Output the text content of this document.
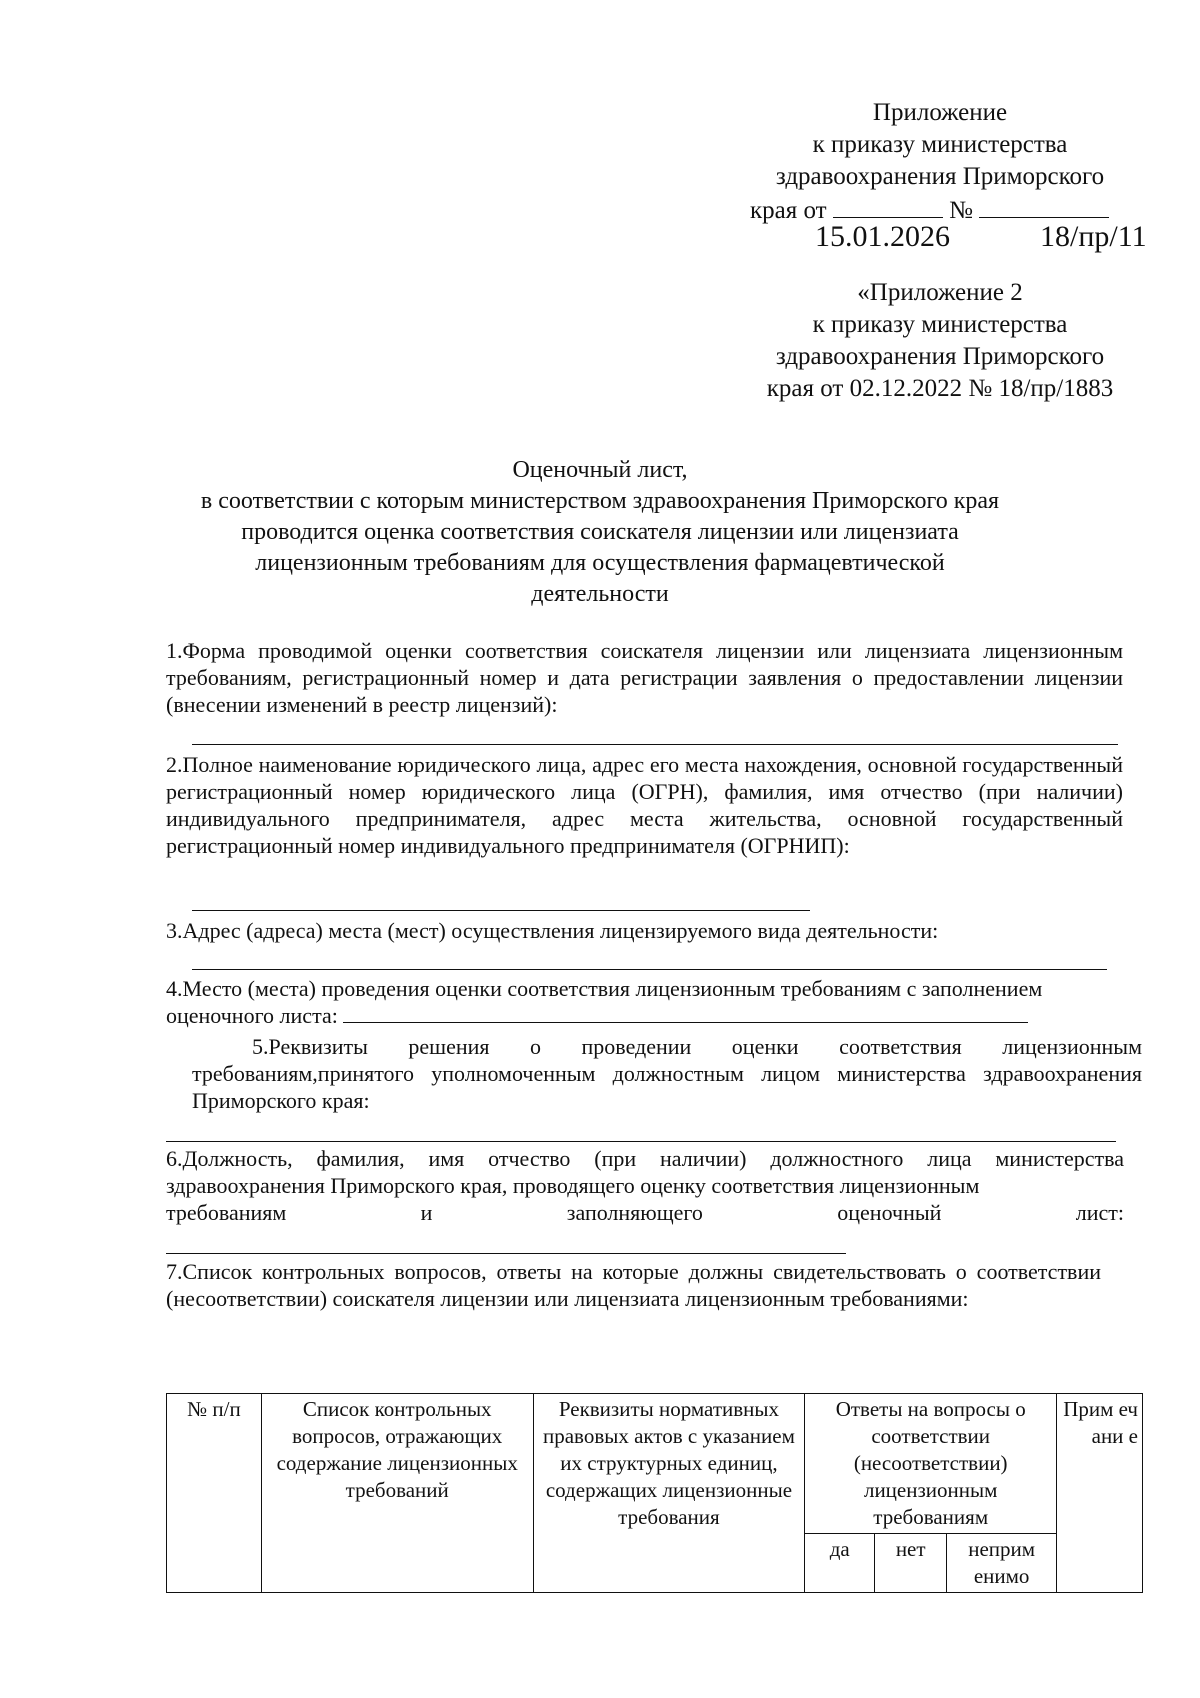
Приложение
к приказу министерства
здравоохранения Приморского
края от	№
15.01.2026	18/пр/11
«Приложение 2
к приказу министерства
здравоохранения Приморского
края от 02.12.2022 № 18/пр/1883
Оценочный лист,
в соответствии с которым министерством здравоохранения Приморского края
проводится оценка соответствия соискателя лицензии или лицензиата
лицензионным требованиям для осуществления фармацевтической
деятельности
1.Форма проводимой оценки соответствия соискателя лицензии или лицензиата лицензионным требованиям, регистрационный номер и дата регистрации заявления о предоставлении лицензии (внесении изменений в реестр лицензий):
2.Полное наименование юридического лица, адрес его места нахождения, основной государственный регистрационный номер юридического лица (ОГРН), фамилия, имя отчество (при наличии) индивидуального предпринимателя, адрес места жительства, основной государственный регистрационный номер индивидуального предпринимателя (ОГРНИП):
3.Адрес (адреса) места (мест) осуществления лицензируемого вида деятельности:
4.Место (места) проведения оценки соответствия лицензионным требованиям с заполнением
оценочного листа:
5.Реквизиты решения о проведении оценки соответствия лицензионным требованиям,принятого уполномоченным должностным лицом министерства здравоохранения Приморского края:
6.Должность, фамилия, имя отчество (при наличии) должностного лица министерства здравоохранения Приморского края, проводящего оценку соответствия лицензионным
требованиям и заполняющего оценочный лист:
7.Список контрольных вопросов, ответы на которые должны свидетельствовать о соответствии (несоответствии) соискателя лицензии или лицензиата лицензионным требованиями:
№ п/п	Список контрольных вопросов, отражающих содержание лицензионных требований	Реквизиты нормативных правовых актов с указанием их структурных единиц, содержащих лицензионные требования	Ответы на вопросы о соответствии (несоответствии) лицензионным требованиям			Прим ечани е
			да	нет	неприм енимо	
